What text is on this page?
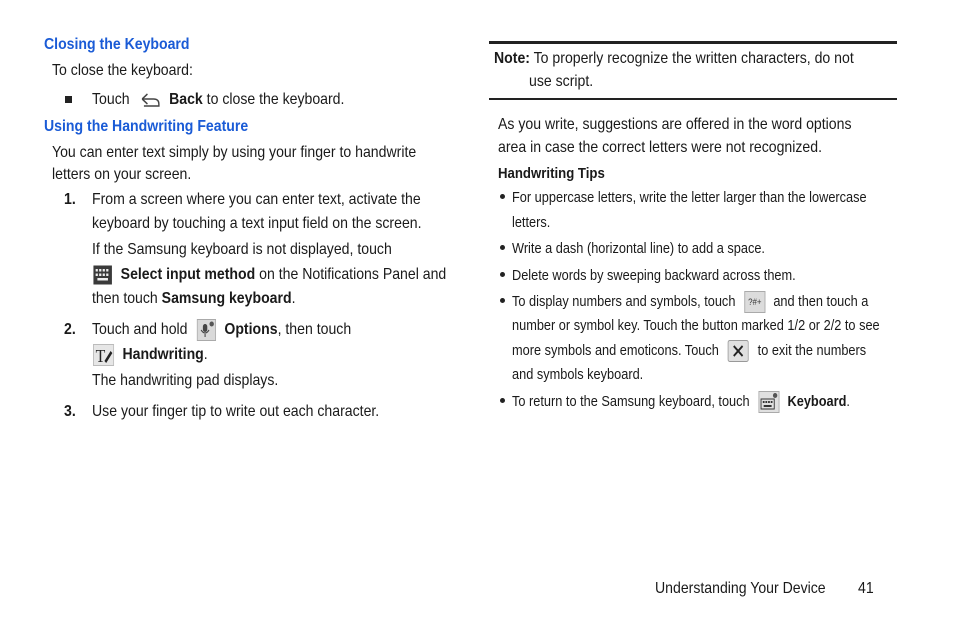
Closing the Keyboard
To close the keyboard:
Touch Back to close the keyboard.
Using the Handwriting Feature
You can enter text simply by using your finger to handwrite
letters on your screen.
1. From a screen where you can enter text, activate the
keyboard by touching a text input field on the screen.
If the Samsung keyboard is not displayed, touch
Select input method on the Notifications Panel and
then touch Samsung keyboard.
2. Touch and hold Options, then touch
T Handwriting.
The handwriting pad displays.
3. Use your finger tip to write out each character.
Note: To properly recognize the written characters, do not
use script.
As you write, suggestions are offered in the word options
area in case the correct letters were not recognized.
Handwriting Tips
For uppercase letters, write the letter larger than the lowercase
letters.
Write a dash (horizontal line) to add a space.
Delete words by sweeping backward across them.
To display numbers and symbols, touch ?#+ and then touch a
number or symbol key. Touch the button marked 1/2 or 2/2 to see
more symbols and emoticons. Touch	to exit the numbers
and symbols keyboard.
To return to the Samsung keyboard, touch	Keyboard.
Understanding Your Device	41
